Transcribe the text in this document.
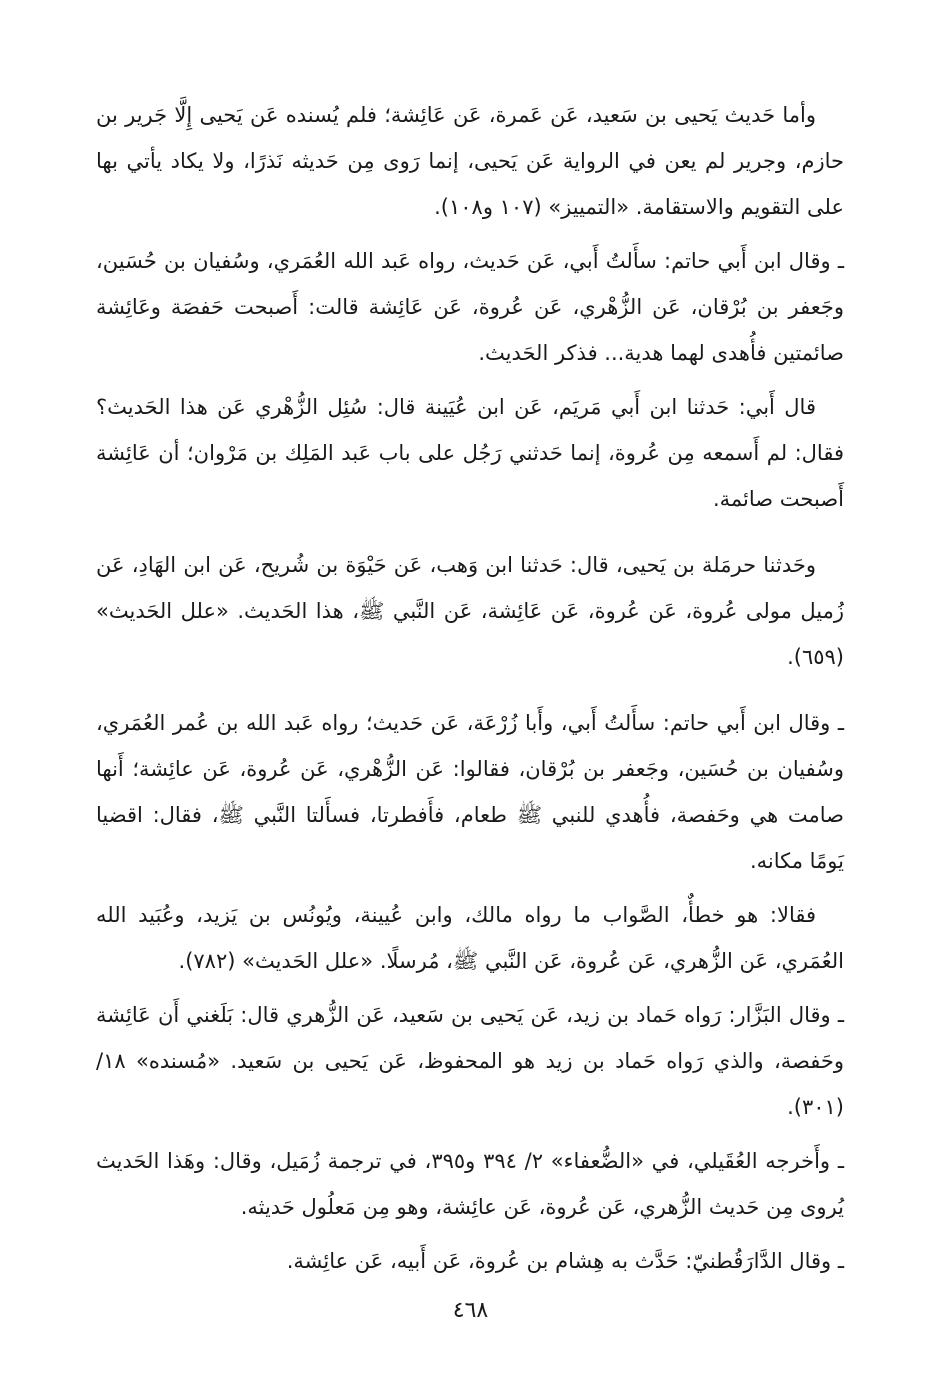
وأما حَديث يَحيى بن سَعيد، عَن عَمرة، عَن عَائِشة؛ فلم يُسنده عَن يَحيى إِلَّا جَرير بن حازم، وجرير لم يعن في الرواية عَن يَحيى، إنما رَوى مِن حَديثه نَذرًا، ولا يكاد يأتي بها على التقويم والاستقامة. «التمييز» (١٠٧ و١٠٨).

ـ وقال ابن أَبي حاتم: سأَلتُ أَبي، عَن حَديث، رواه عَبد الله العُمَري، وسُفيان بن حُسَين، وجَعفر بن بُرْقان، عَن الزُّهْري، عَن عُروة، عَن عَائِشة قالت: أَصبحت حَفصَة وعَائِشة صائمتين فأُهدى لهما هدية... فذكر الحَديث.

قال أَبي: حَدثنا ابن أَبي مَريَم، عَن ابن عُيَينة قال: سُئِل الزُّهْري عَن هذا الحَديث؟ فقال: لم أَسمعه مِن عُروة، إنما حَدثني رَجُل على باب عَبد المَلِك بن مَرْوان؛ أن عَائِشة أَصبحت صائمة.

وحَدثنا حرمَلة بن يَحيى، قال: حَدثنا ابن وَهب، عَن حَيْوَة بن شُريح، عَن ابن الهَادِ، عَن زُميل مولى عُروة، عَن عُروة، عَن عَائِشة، عَن النَّبي ﷺ، هذا الحَديث. «علل الحَديث» (٦٥٩).

ـ وقال ابن أَبي حاتم: سأَلتُ أَبي، وأَبا زُرْعَة، عَن حَديث؛ رواه عَبد الله بن عُمر العُمَري، وسُفيان بن حُسَين، وجَعفر بن بُرْقان، فقالوا: عَن الزُّهْري، عَن عُروة، عَن عائِشة؛ أَنها صامت هي وحَفصة، فأُهدي للنبي ﷺ طعام، فأَفطرتا، فسأَلتا النَّبي ﷺ، فقال: اقضيا يَومًا مكانه.

فقالا: هو خطأٌ، الصَّواب ما رواه مالك، وابن عُيينة، ويُونُس بن يَزيد، وعُبَيد الله العُمَري، عَن الزُّهري، عَن عُروة، عَن النَّبي ﷺ، مُرسلًا. «علل الحَديث» (٧٨٢).

ـ وقال البَزَّار: رَواه حَماد بن زيد، عَن يَحيى بن سَعيد، عَن الزُّهري قال: بَلَغني أَن عَائِشة وحَفصة، والذي رَواه حَماد بن زيد هو المحفوظ، عَن يَحيى بن سَعيد. «مُسنده» ١٨/ (٣٠١).

ـ وأَخرجه العُقَيلي، في «الضُّعفاء» ٢/ ٣٩٤ و٣٩٥، في ترجمة زُمَيل، وقال: وهَذا الحَديث يُروى مِن حَديث الزُّهري، عَن عُروة، عَن عائِشة، وهو مِن مَعلُول حَديثه.

ـ وقال الدَّارَقُطنيّ: حَدَّث به هِشام بن عُروة، عَن أَبيه، عَن عائِشة.

٤٦٨
